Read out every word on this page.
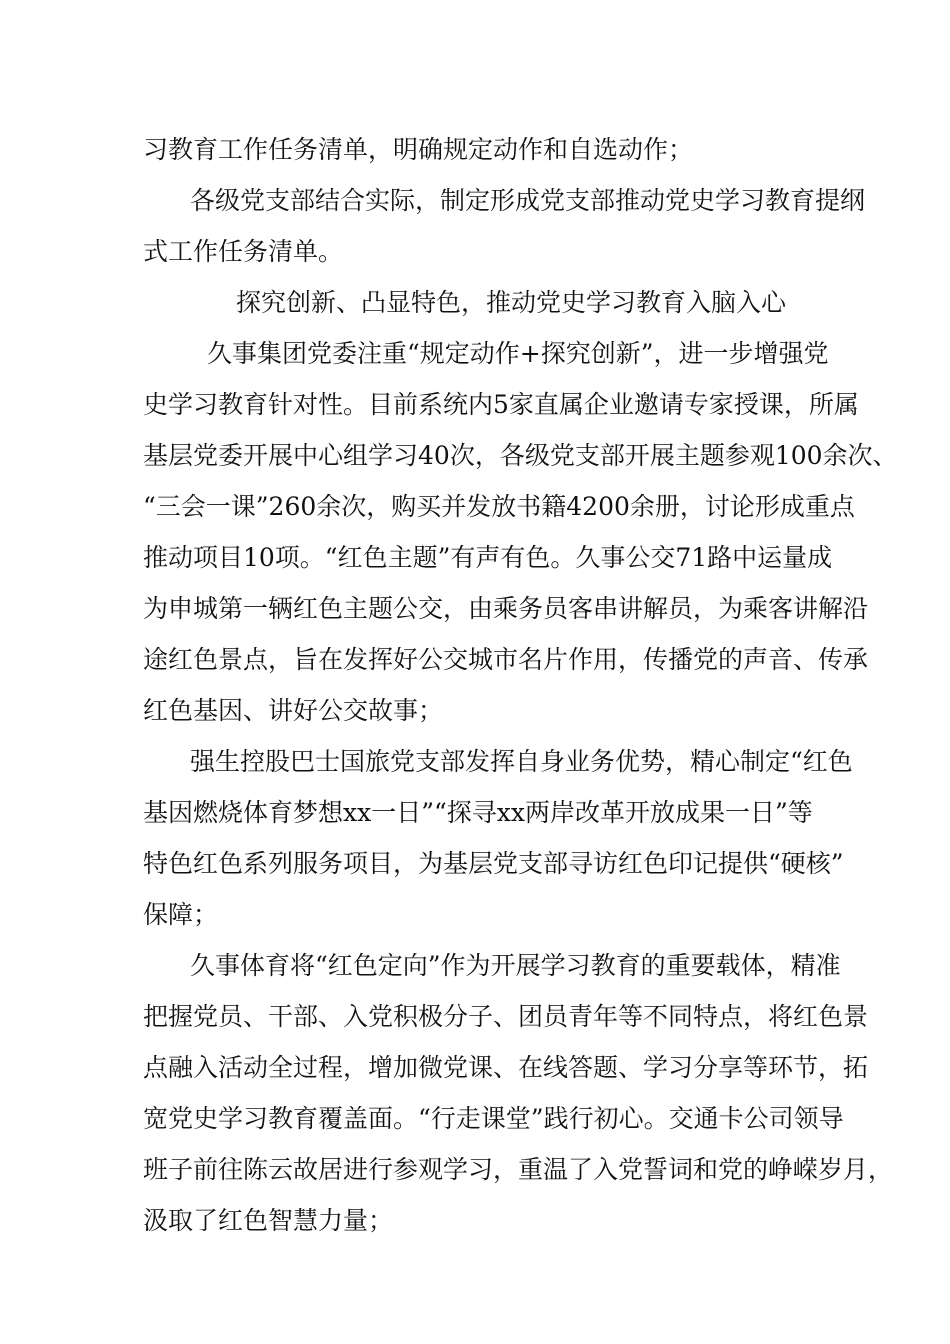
习教育工作任务清单，明确规定动作和自选动作；

各级党支部结合实际，制定形成党支部推动党史学习教育提纲

式工作任务清单。

探究创新、凸显特色，推动党史学习教育入脑入心

久事集团党委注重“规定动作+探究创新”，进一步增强党

史学习教育针对性。目前系统内5家直属企业邀请专家授课，所属

基层党委开展中心组学习40次，各级党支部开展主题参观100余次、

“三会一课”260余次，购买并发放书籍4200余册，讨论形成重点

推动项目10项。“红色主题”有声有色。久事公交71路中运量成

为申城第一辆红色主题公交，由乘务员客串讲解员，为乘客讲解沿

途红色景点，旨在发挥好公交城市名片作用，传播党的声音、传承

红色基因、讲好公交故事；

强生控股巴士国旅党支部发挥自身业务优势，精心制定“红色

基因燃烧体育梦想xx一日”“探寻xx两岸改革开放成果一日”等

特色红色系列服务项目，为基层党支部寻访红色印记提供“硬核”

保障；

久事体育将“红色定向”作为开展学习教育的重要载体，精准

把握党员、干部、入党积极分子、团员青年等不同特点，将红色景

点融入活动全过程，增加微党课、在线答题、学习分享等环节，拓

宽党史学习教育覆盖面。“行走课堂”践行初心。交通卡公司领导

班子前往陈云故居进行参观学习，重温了入党誓词和党的峥嵘岁月，

汲取了红色智慧力量；
